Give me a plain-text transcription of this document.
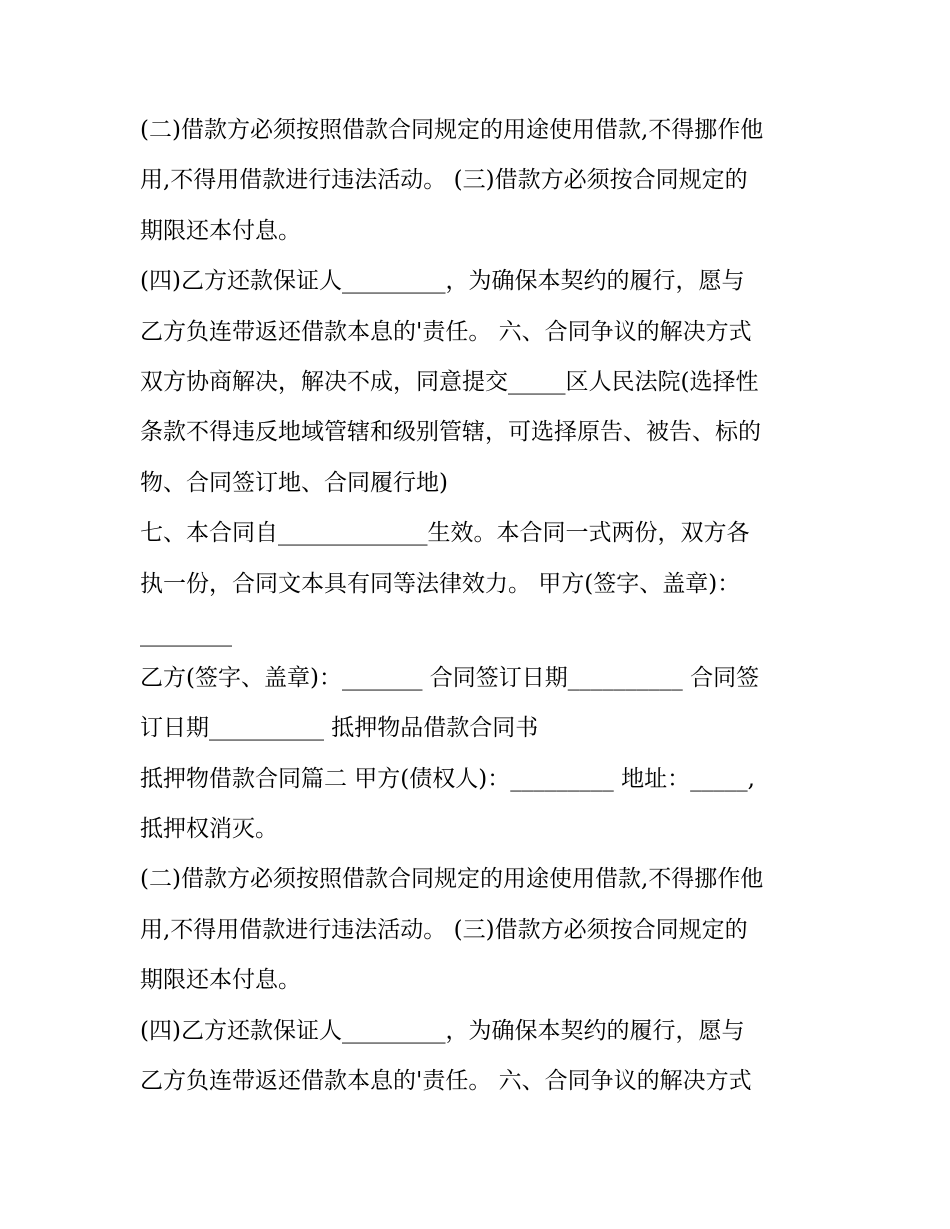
(二)借款方必须按照借款合同规定的用途使用借款,不得挪作他
用,不得用借款进行违法活动。 (三)借款方必须按合同规定的
期限还本付息。
(四)乙方还款保证人_________，为确保本契约的履行，愿与
乙方负连带返还借款本息的'责任。 六、合同争议的解决方式
双方协商解决，解决不成，同意提交_____区人民法院(选择性
条款不得违反地域管辖和级别管辖，可选择原告、被告、标的
物、合同签订地、合同履行地)
七、本合同自_____________生效。本合同一式两份，双方各
执一份，合同文本具有同等法律效力。 甲方(签字、盖章)：
________
乙方(签字、盖章)：_______ 合同签订日期__________ 合同签
订日期__________ 抵押物品借款合同书
抵押物借款合同篇二 甲方(债权人)：_________ 地址：_____,
抵押权消灭。
(二)借款方必须按照借款合同规定的用途使用借款,不得挪作他
用,不得用借款进行违法活动。 (三)借款方必须按合同规定的
期限还本付息。
(四)乙方还款保证人_________，为确保本契约的履行，愿与
乙方负连带返还借款本息的'责任。 六、合同争议的解决方式
